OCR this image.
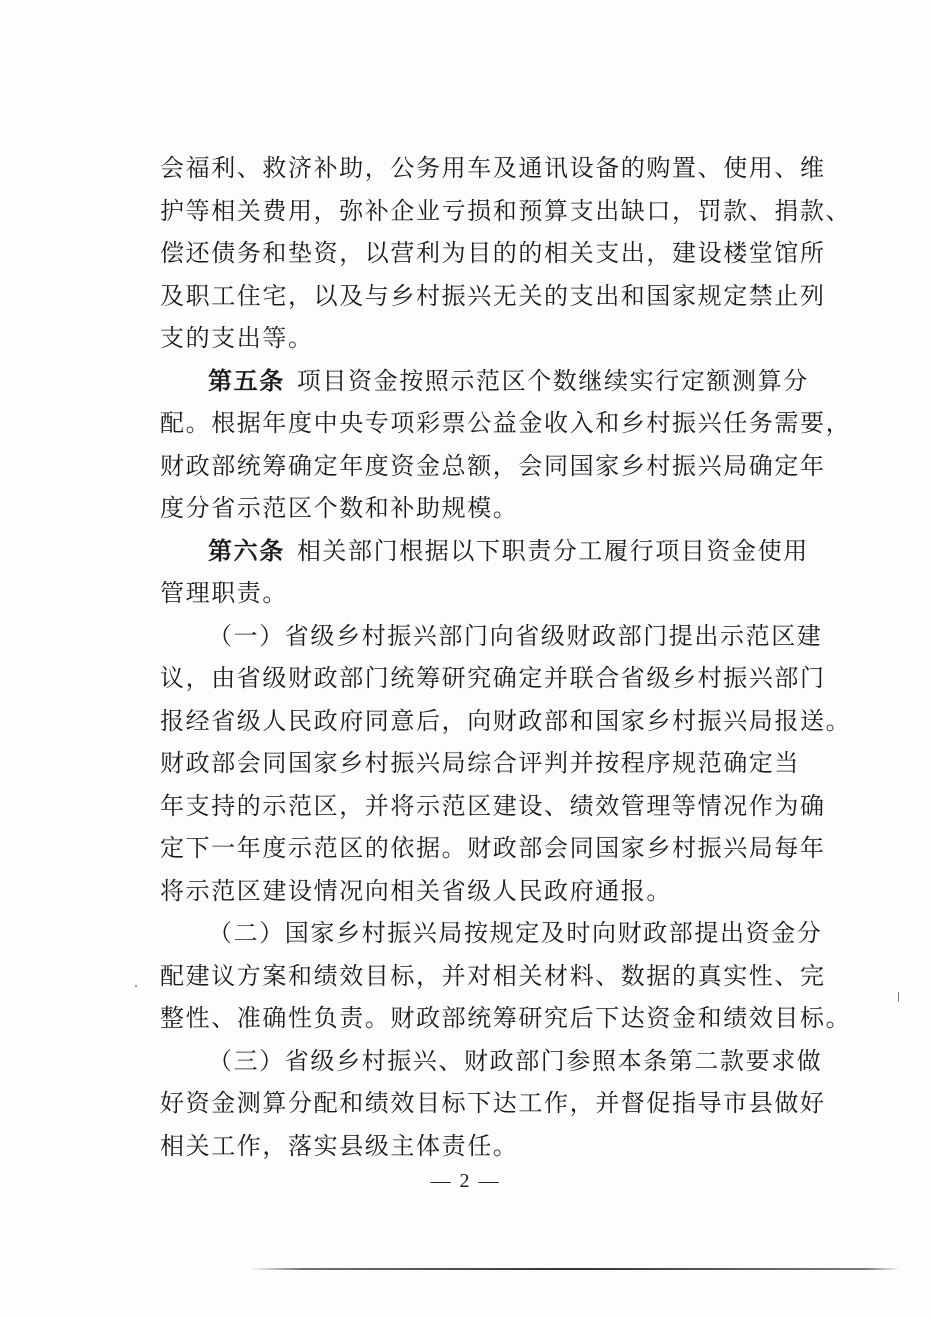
会福利、救济补助，公务用车及通讯设备的购置、使用、维
护等相关费用，弥补企业亏损和预算支出缺口，罚款、捐款、
偿还债务和垫资，以营利为目的的相关支出，建设楼堂馆所
及职工住宅，以及与乡村振兴无关的支出和国家规定禁止列
支的支出等。
第五条 项目资金按照示范区个数继续实行定额测算分
配。根据年度中央专项彩票公益金收入和乡村振兴任务需要，
财政部统筹确定年度资金总额，会同国家乡村振兴局确定年
度分省示范区个数和补助规模。
第六条 相关部门根据以下职责分工履行项目资金使用
管理职责。
（一）省级乡村振兴部门向省级财政部门提出示范区建
议，由省级财政部门统筹研究确定并联合省级乡村振兴部门
报经省级人民政府同意后，向财政部和国家乡村振兴局报送。
财政部会同国家乡村振兴局综合评判并按程序规范确定当
年支持的示范区，并将示范区建设、绩效管理等情况作为确
定下一年度示范区的依据。财政部会同国家乡村振兴局每年
将示范区建设情况向相关省级人民政府通报。
（二）国家乡村振兴局按规定及时向财政部提出资金分
配建议方案和绩效目标，并对相关材料、数据的真实性、完
整性、准确性负责。财政部统筹研究后下达资金和绩效目标。
（三）省级乡村振兴、财政部门参照本条第二款要求做
好资金测算分配和绩效目标下达工作，并督促指导市县做好
相关工作，落实县级主体责任。
— 2 —
